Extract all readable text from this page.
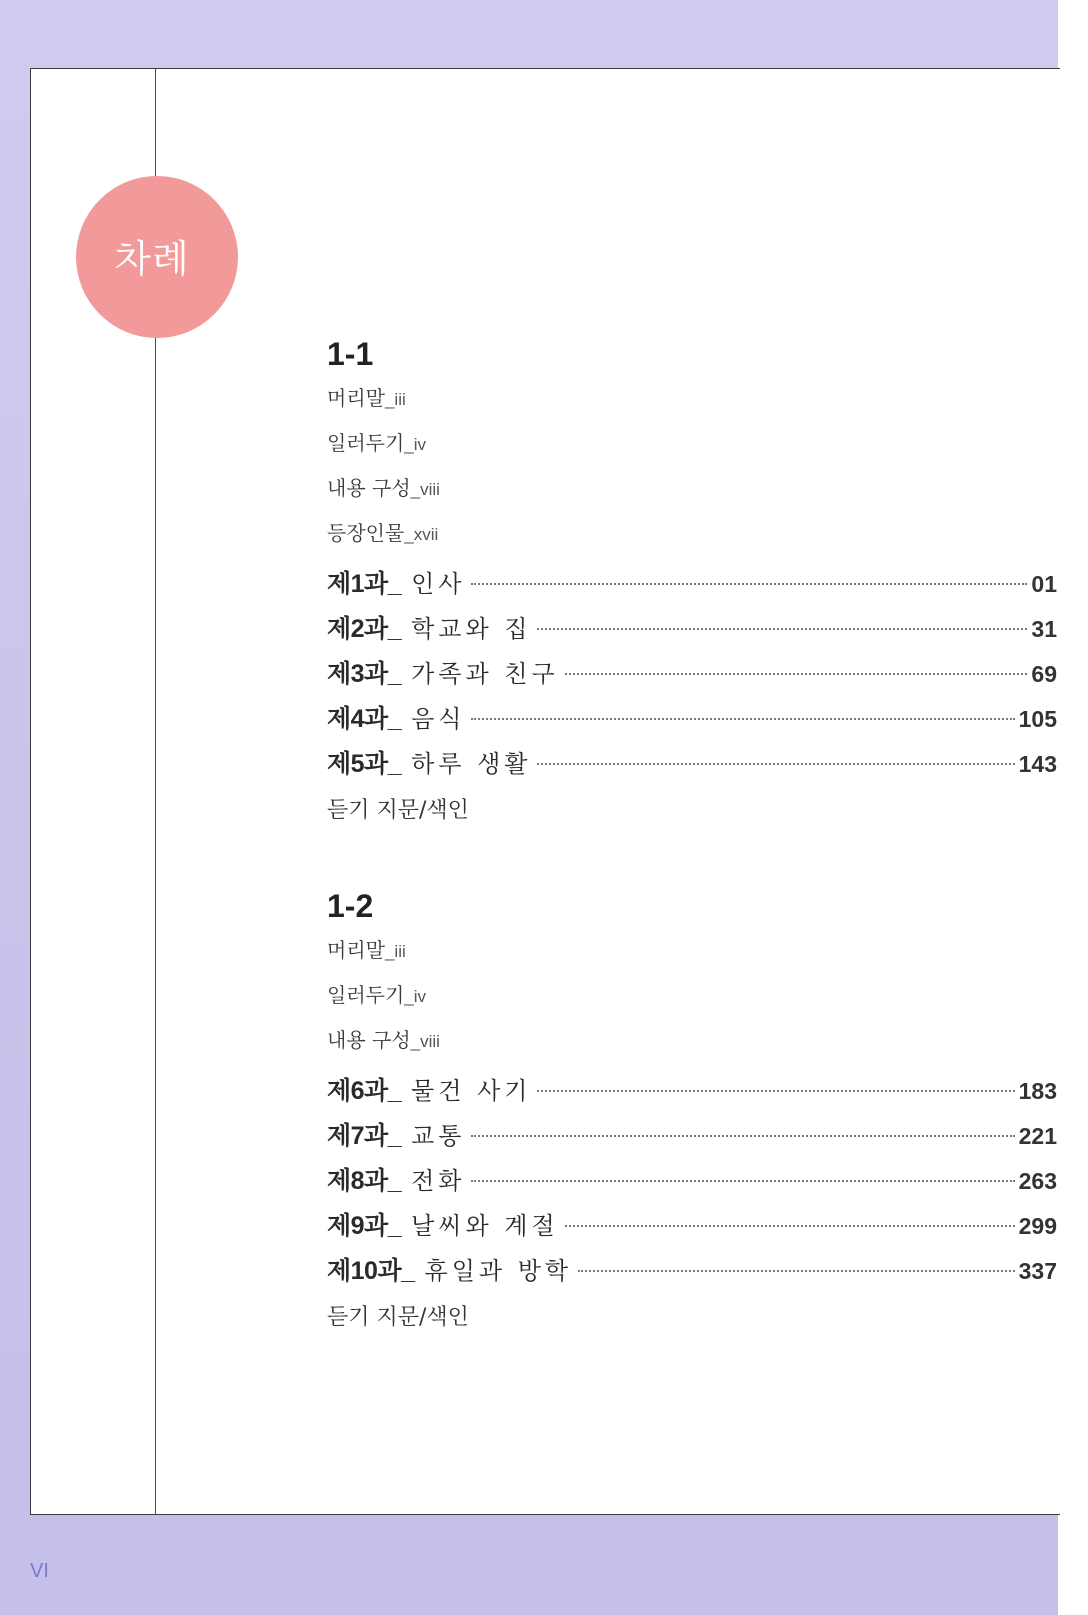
차례
1-1
머리말_iii
일러두기_iv
내용 구성_viii
등장인물_xvii
제1과_ 인사	01
제2과_ 학교와 집	31
제3과_ 가족과 친구	69
제4과_ 음식	105
제5과_ 하루 생활	143
듣기 지문/색인
1-2
머리말_iii
일러두기_iv
내용 구성_viii
제6과_ 물건 사기	183
제7과_ 교통	221
제8과_ 전화	263
제9과_ 날씨와 계절	299
제10과_ 휴일과 방학	337
듣기 지문/색인
VI
